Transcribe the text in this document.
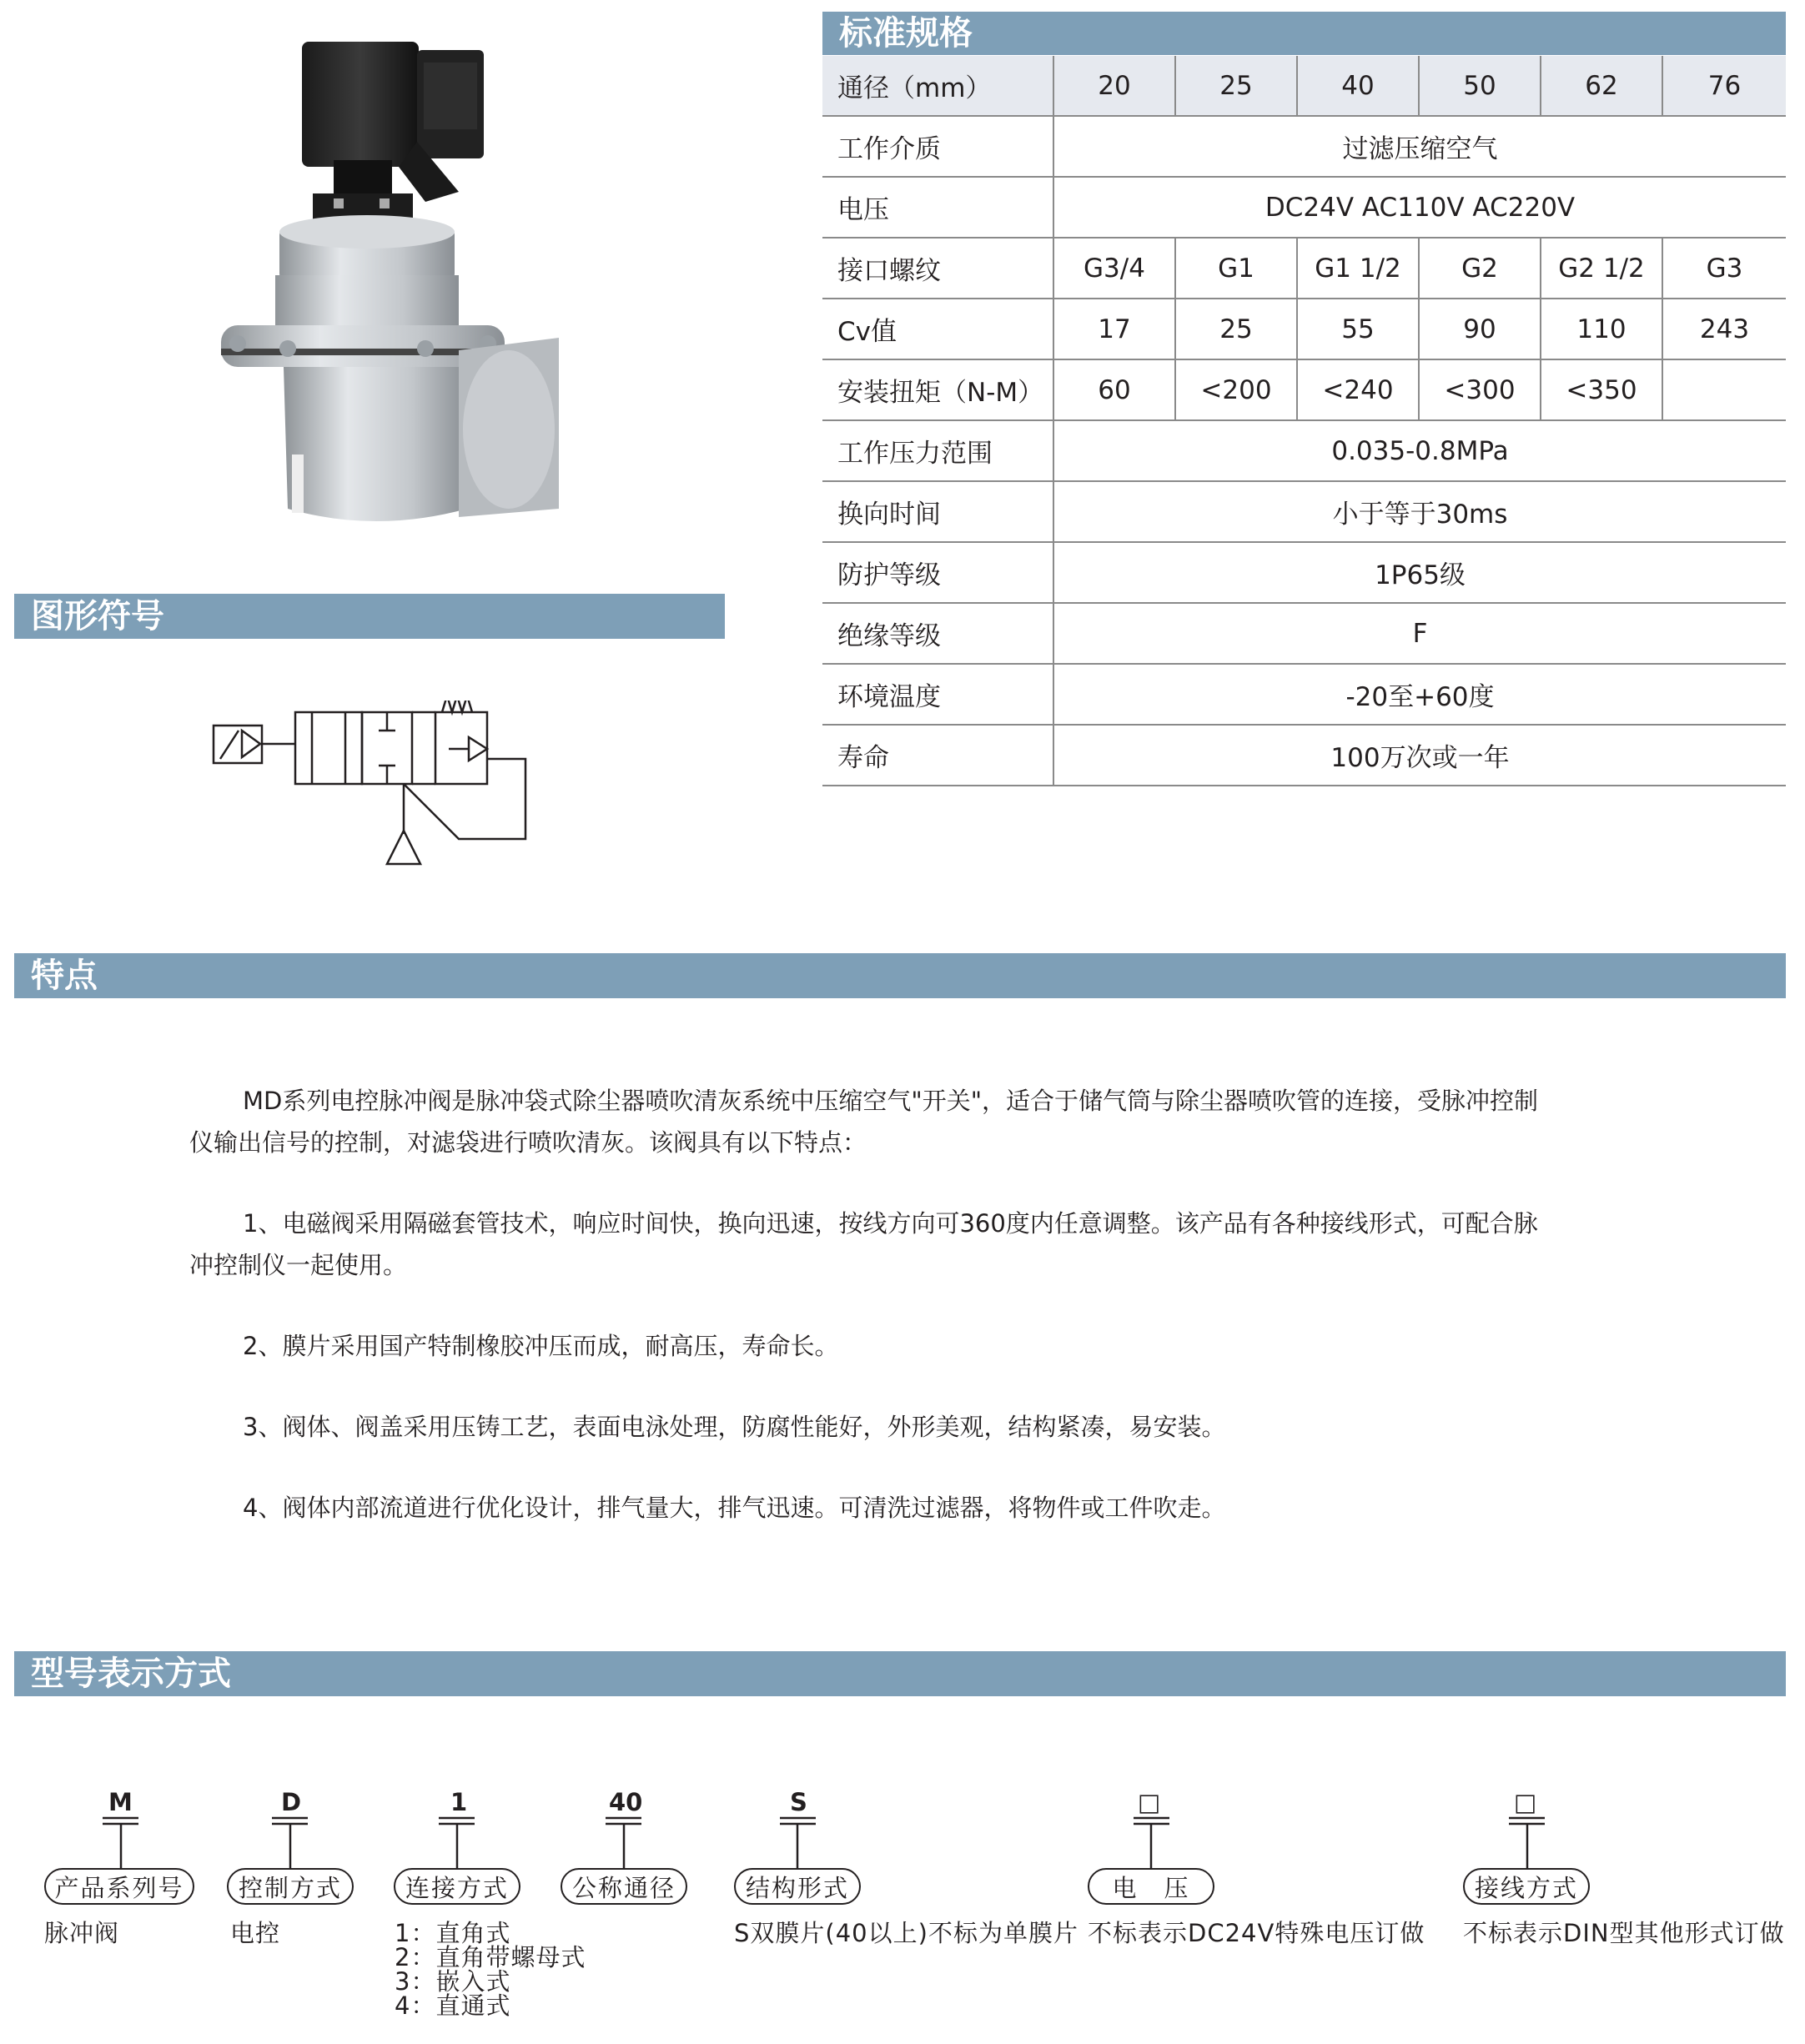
标准规格
图形符号
特点
型号表示方式
通径（mm）	20	25	40	50	62	76
工作介质	过滤压缩空气					
电压	DC24V AC110V AC220V					
接口螺纹	G3/4	G1	G1 1/2	G2	G2 1/2	G3
Cv值	17	25	55	90	110	243
安装扭矩（N-M）	60	<200	<240	<300	<350	
工作压力范围	0.035-0.8MPa					
换向时间	小于等于30ms					
防护等级	1P65级					
绝缘等级	F					
环境温度	-20至+60度					
寿命	100万次或一年					
MD系列电控脉冲阀是脉冲袋式除尘器喷吹清灰系统中压缩空气"开关"，适合于储气筒与除尘器喷吹管的连接，受脉冲控制
仪输出信号的控制，对滤袋进行喷吹清灰。该阀具有以下特点：
1、电磁阀采用隔磁套管技术，响应时间快，换向迅速，按线方向可360度内任意调整。该产品有各种接线形式，可配合脉
冲控制仪一起使用。
2、膜片采用国产特制橡胶冲压而成，耐高压，寿命长。
3、阀体、阀盖采用压铸工艺，表面电泳处理，防腐性能好，外形美观，结构紧凑，易安装。
4、阀体内部流道进行优化设计，排气量大，排气迅速。可清洗过滤器，将物件或工件吹走。
M	D	1	40	S	□	□
产品系列号	控制方式	连接方式	公称通径	结构形式	电　压	接线方式
脉冲阀	电控	1：直角式
2：直角带螺母式
3：嵌入式
4：直通式
S双膜片(40以上)不标为单膜片 不标表示DC24V特殊电压订做 不标表示DIN型其他形式订做
